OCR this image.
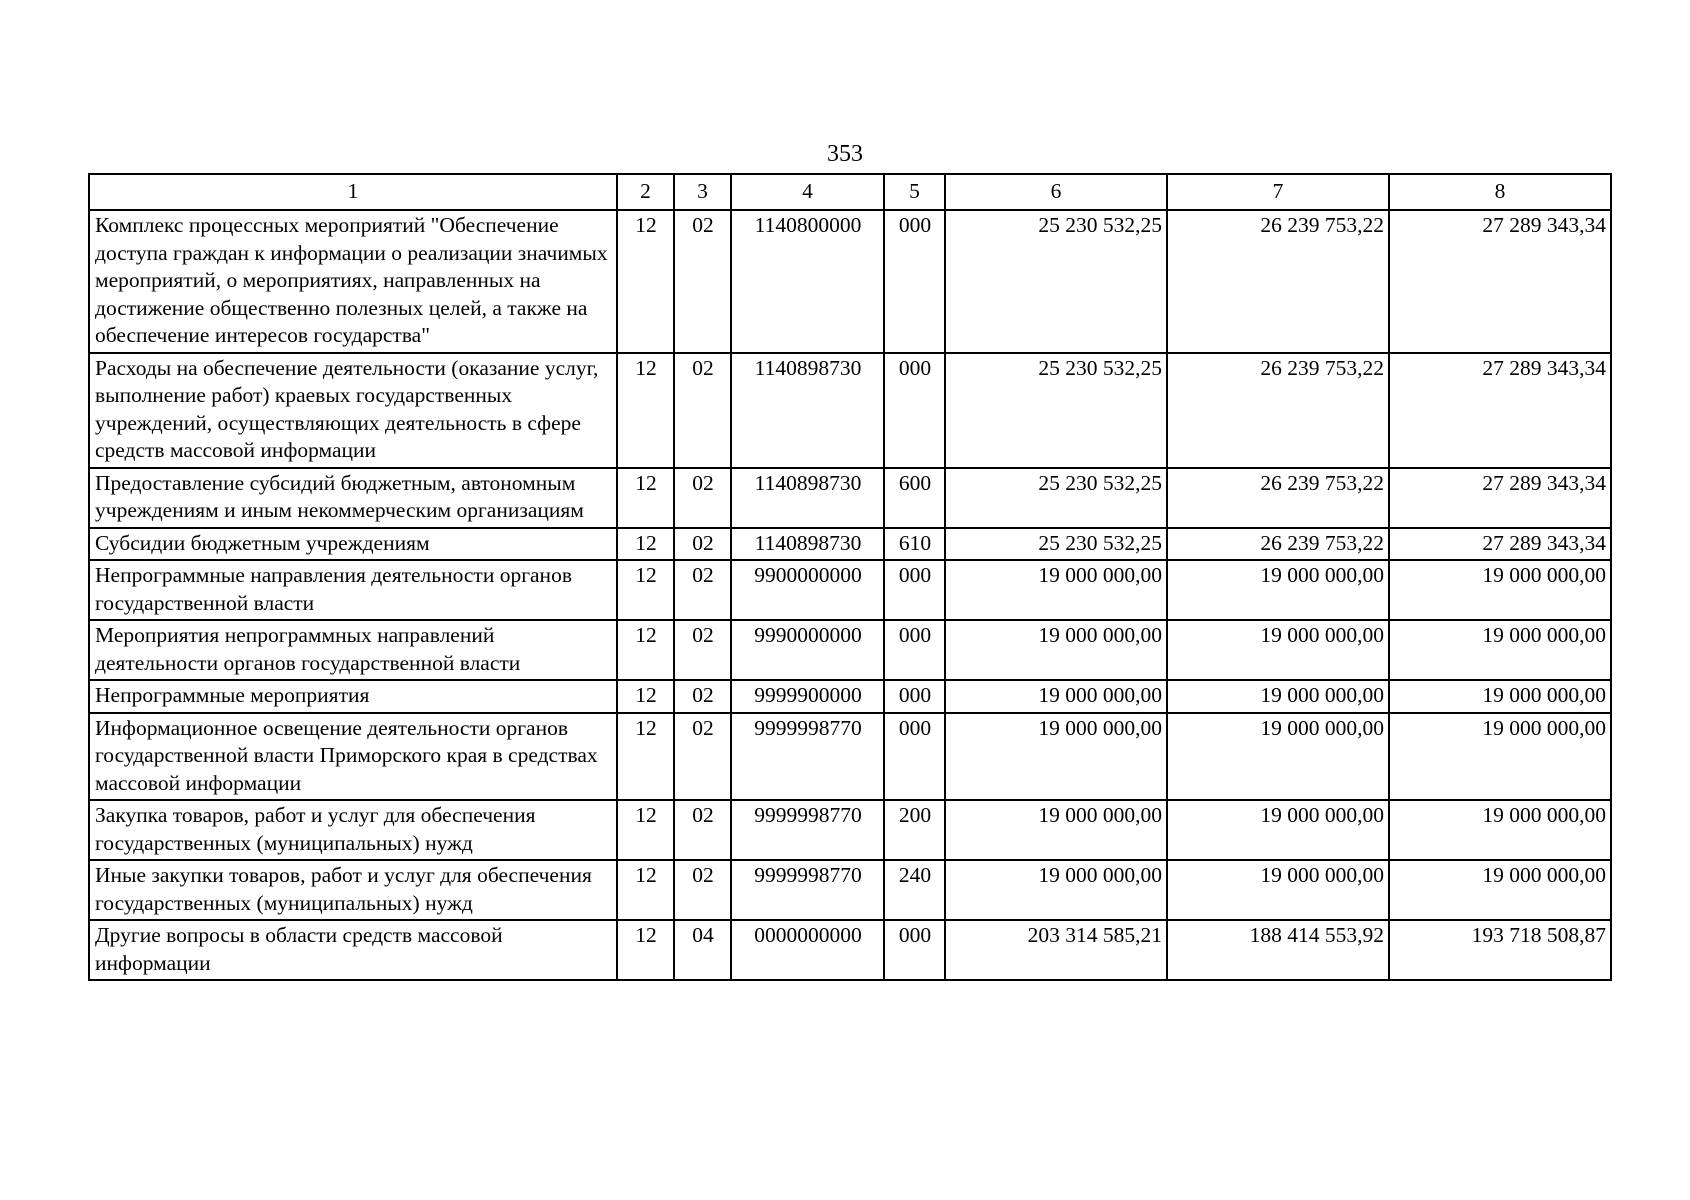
353
1	2	3	4	5	6	7	8
Комплекс процессных мероприятий "Обеспечение доступа граждан к информации о реализации значимых мероприятий, о мероприятиях, направленных на достижение общественно полезных целей, а также на обеспечение интересов государства"	12	02	1140800000	000	25 230 532,25	26 239 753,22	27 289 343,34
Расходы на обеспечение деятельности (оказание услуг, выполнение работ) краевых государственных учреждений, осуществляющих деятельность в сфере средств массовой информации	12	02	1140898730	000	25 230 532,25	26 239 753,22	27 289 343,34
Предоставление субсидий бюджетным, автономным учреждениям и иным некоммерческим организациям	12	02	1140898730	600	25 230 532,25	26 239 753,22	27 289 343,34
Субсидии бюджетным учреждениям	12	02	1140898730	610	25 230 532,25	26 239 753,22	27 289 343,34
Непрограммные направления деятельности органов государственной власти	12	02	9900000000	000	19 000 000,00	19 000 000,00	19 000 000,00
Мероприятия непрограммных направлений деятельности органов государственной власти	12	02	9990000000	000	19 000 000,00	19 000 000,00	19 000 000,00
Непрограммные мероприятия	12	02	9999900000	000	19 000 000,00	19 000 000,00	19 000 000,00
Информационное освещение деятельности органов государственной власти Приморского края в средствах массовой информации	12	02	9999998770	000	19 000 000,00	19 000 000,00	19 000 000,00
Закупка товаров, работ и услуг для обеспечения государственных (муниципальных) нужд	12	02	9999998770	200	19 000 000,00	19 000 000,00	19 000 000,00
Иные закупки товаров, работ и услуг для обеспечения государственных (муниципальных) нужд	12	02	9999998770	240	19 000 000,00	19 000 000,00	19 000 000,00
Другие вопросы в области средств массовой информации	12	04	0000000000	000	203 314 585,21	188 414 553,92	193 718 508,87
